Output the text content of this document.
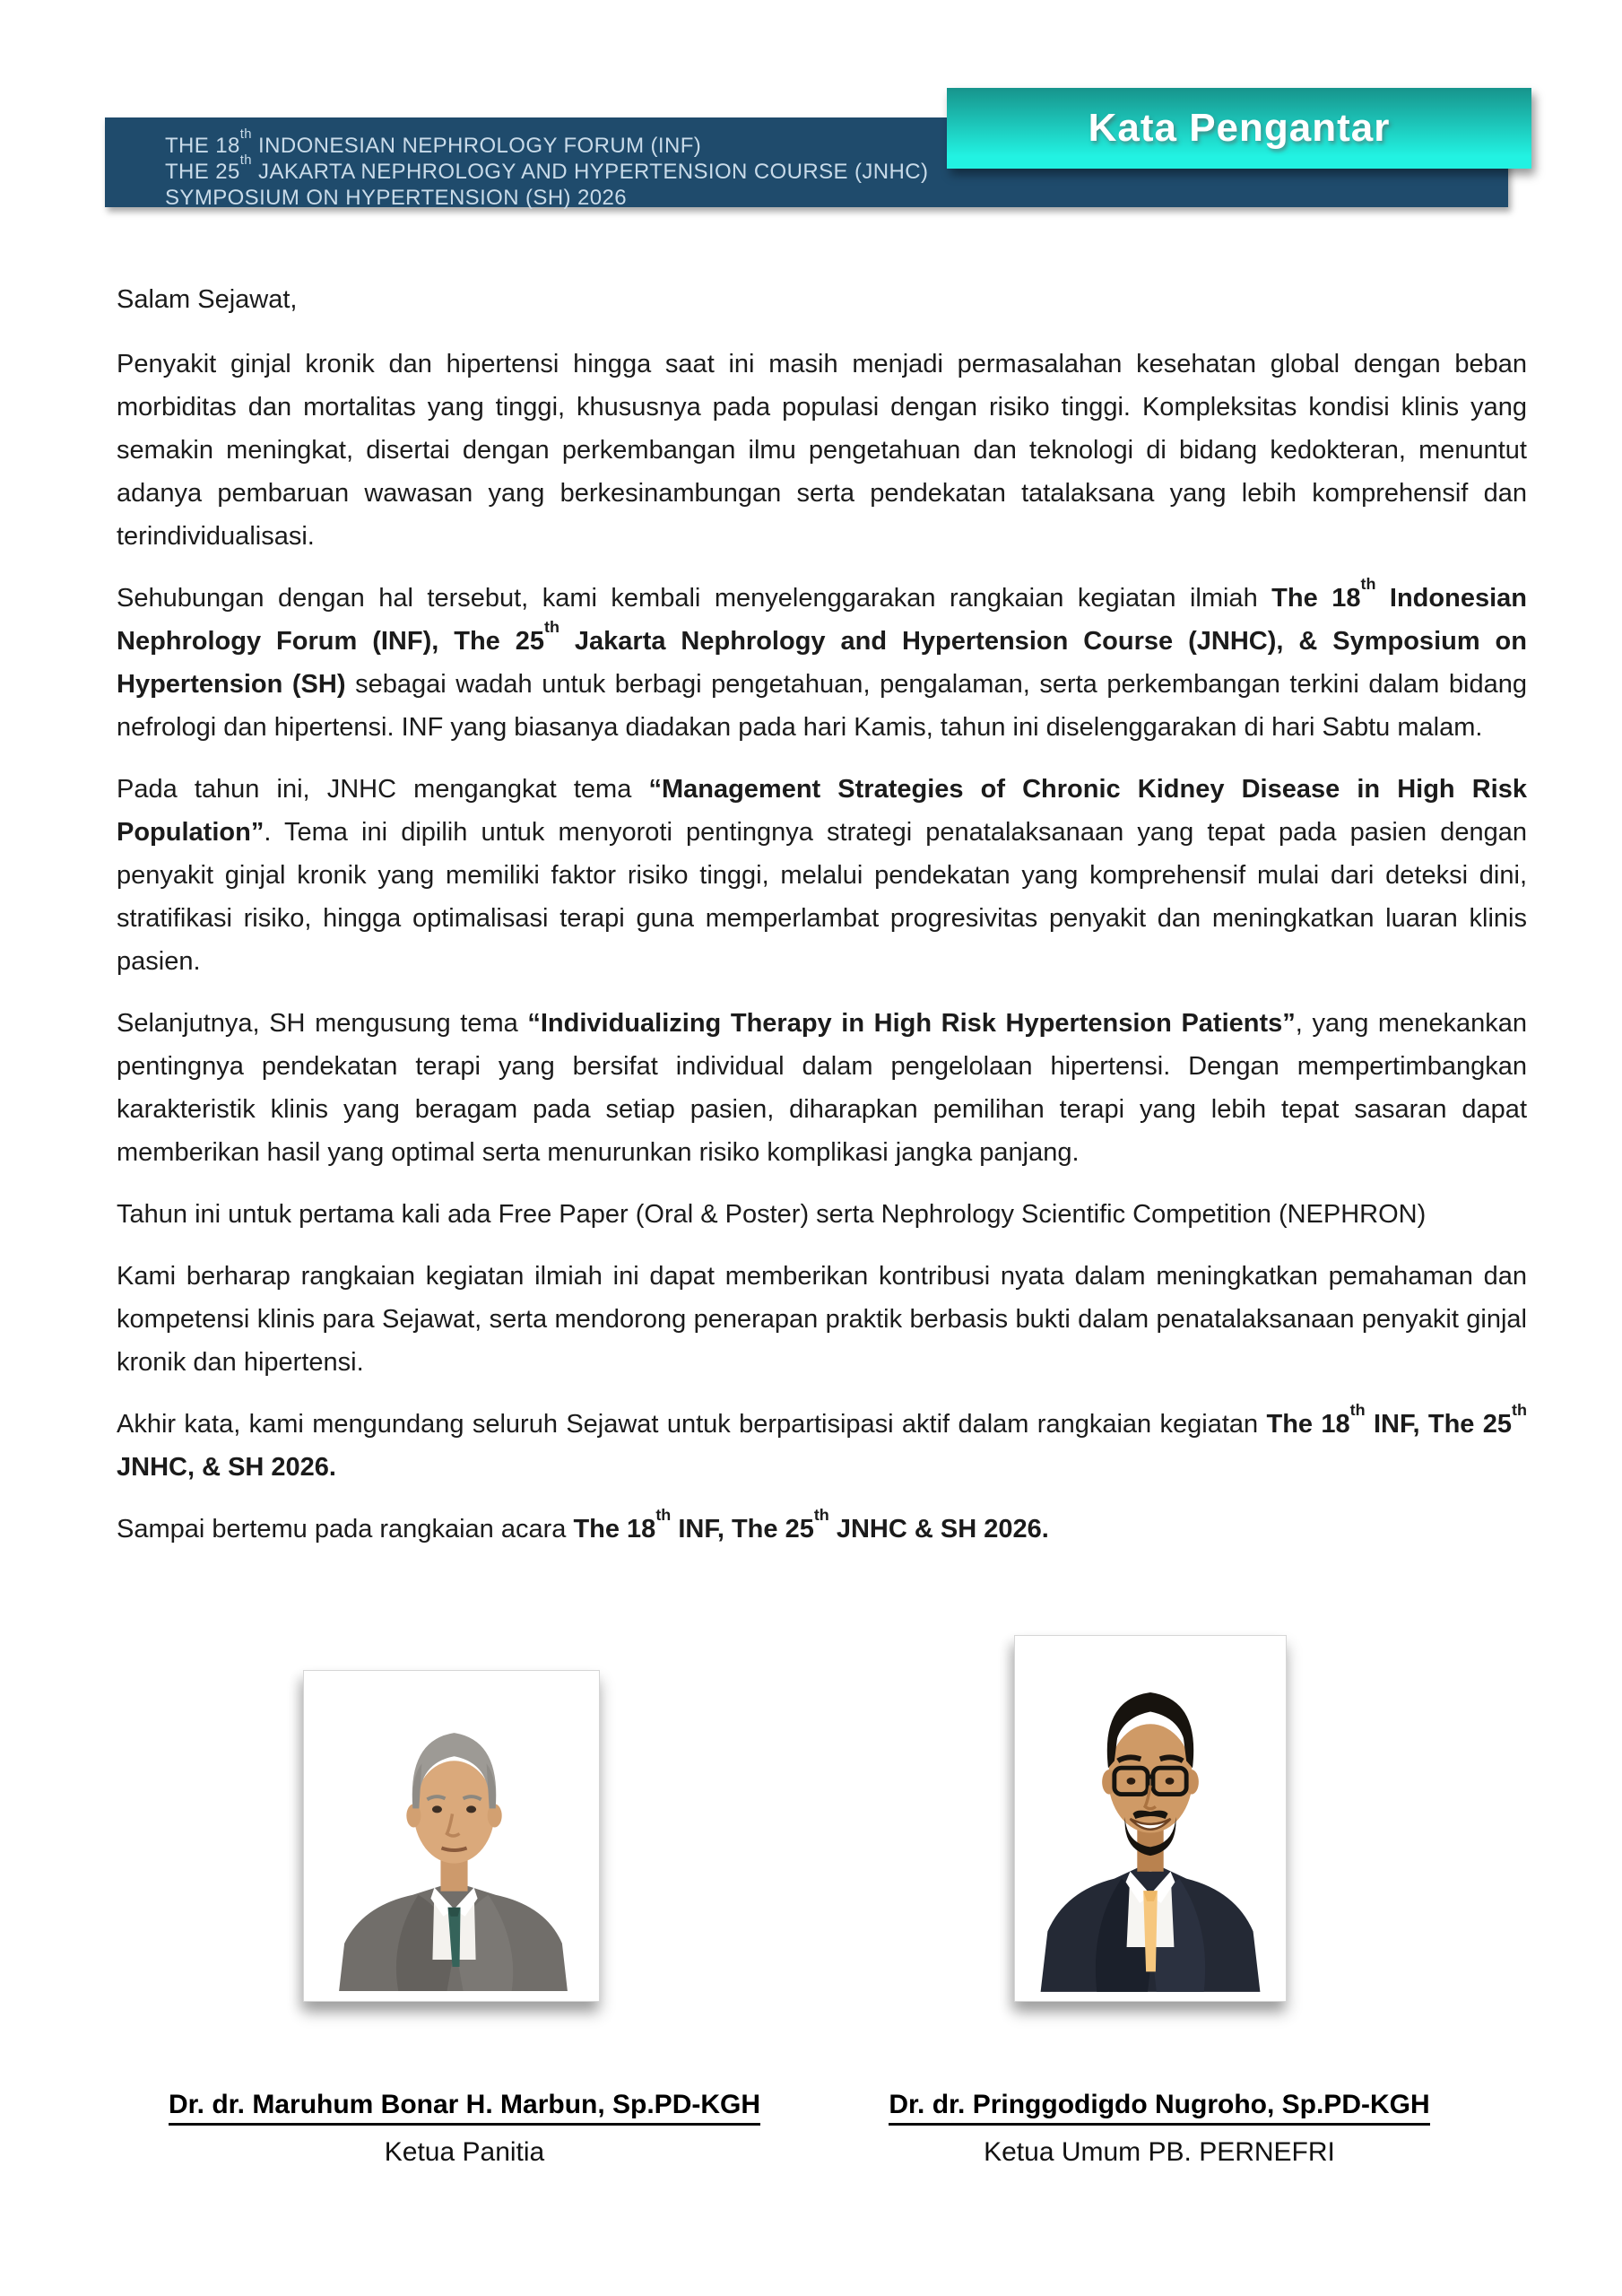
THE 18th INDONESIAN NEPHROLOGY FORUM (INF)
THE 25th JAKARTA NEPHROLOGY AND HYPERTENSION COURSE (JNHC)
SYMPOSIUM ON HYPERTENSION (SH) 2026
Kata Pengantar

Salam Sejawat,

Penyakit ginjal kronik dan hipertensi hingga saat ini masih menjadi permasalahan kesehatan global dengan beban morbiditas dan mortalitas yang tinggi, khususnya pada populasi dengan risiko tinggi. Kompleksitas kondisi klinis yang semakin meningkat, disertai dengan perkembangan ilmu pengetahuan dan teknologi di bidang kedokteran, menuntut adanya pembaruan wawasan yang berkesinambungan serta pendekatan tatalaksana yang lebih komprehensif dan terindividualisasi.

Sehubungan dengan hal tersebut, kami kembali menyelenggarakan rangkaian kegiatan ilmiah The 18th Indonesian Nephrology Forum (INF), The 25th Jakarta Nephrology and Hypertension Course (JNHC), & Symposium on Hypertension (SH) sebagai wadah untuk berbagi pengetahuan, pengalaman, serta perkembangan terkini dalam bidang nefrologi dan hipertensi. INF yang biasanya diadakan pada hari Kamis, tahun ini diselenggarakan di hari Sabtu malam.

Pada tahun ini, JNHC mengangkat tema “Management Strategies of Chronic Kidney Disease in High Risk Population”. Tema ini dipilih untuk menyoroti pentingnya strategi penatalaksanaan yang tepat pada pasien dengan penyakit ginjal kronik yang memiliki faktor risiko tinggi, melalui pendekatan yang komprehensif mulai dari deteksi dini, stratifikasi risiko, hingga optimalisasi terapi guna memperlambat progresivitas penyakit dan meningkatkan luaran klinis pasien.

Selanjutnya, SH mengusung tema “Individualizing Therapy in High Risk Hypertension Patients”, yang menekankan pentingnya pendekatan terapi yang bersifat individual dalam pengelolaan hipertensi. Dengan mempertimbangkan karakteristik klinis yang beragam pada setiap pasien, diharapkan pemilihan terapi yang lebih tepat sasaran dapat memberikan hasil yang optimal serta menurunkan risiko komplikasi jangka panjang.

Tahun ini untuk pertama kali ada Free Paper (Oral & Poster) serta Nephrology Scientific Competition (NEPHRON)

Kami berharap rangkaian kegiatan ilmiah ini dapat memberikan kontribusi nyata dalam meningkatkan pemahaman dan kompetensi klinis para Sejawat, serta mendorong penerapan praktik berbasis bukti dalam penatalaksanaan penyakit ginjal kronik dan hipertensi.

Akhir kata, kami mengundang seluruh Sejawat untuk berpartisipasi aktif dalam rangkaian kegiatan The 18th INF, The 25th JNHC, & SH 2026.

Sampai bertemu pada rangkaian acara The 18th INF, The 25th JNHC & SH 2026.

Dr. dr. Maruhum Bonar H. Marbun, Sp.PD-KGH
Ketua Panitia
Dr. dr. Pringgodigdo Nugroho, Sp.PD-KGH
Ketua Umum PB. PERNEFRI
